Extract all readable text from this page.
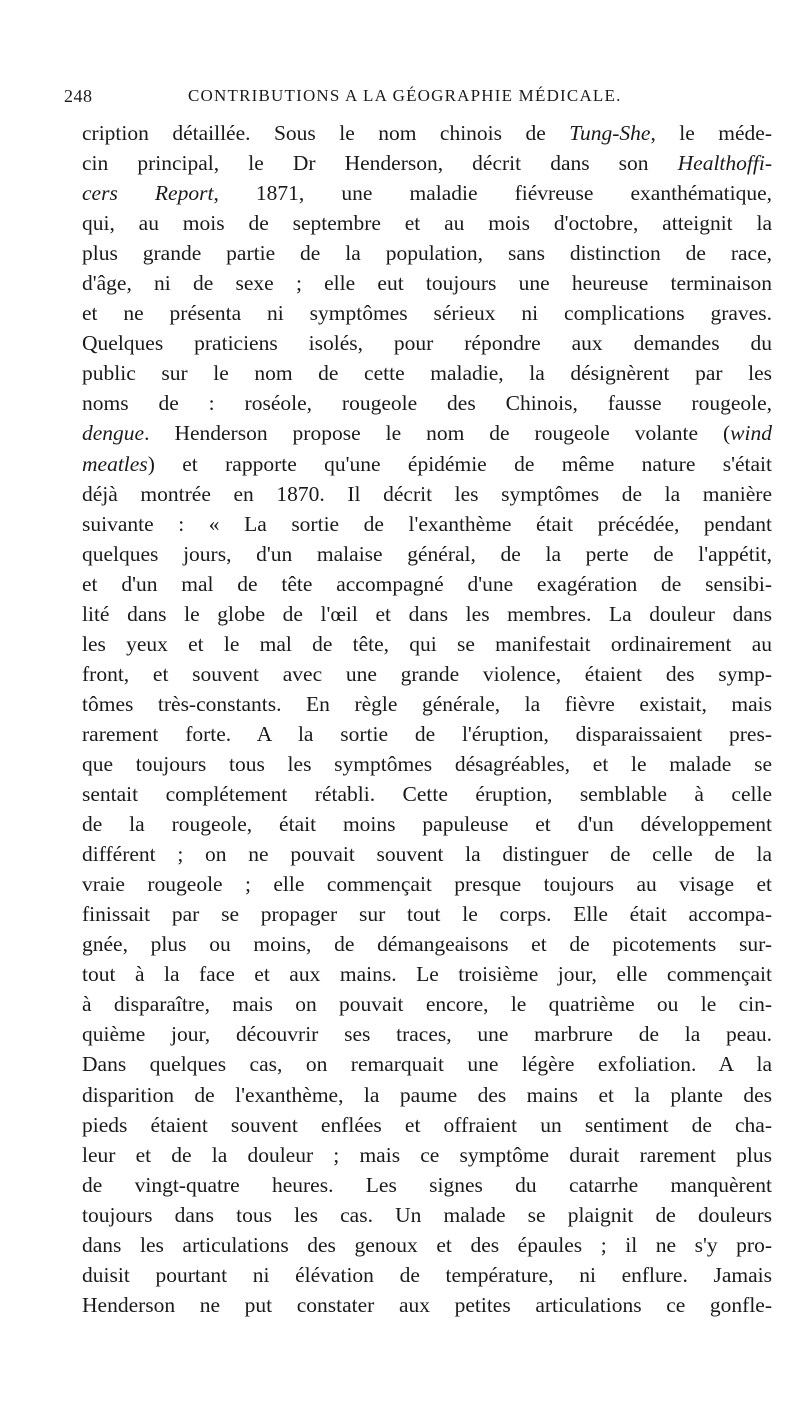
248	CONTRIBUTIONS A LA GÉOGRAPHIE MÉDICALE.
cription détaillée. Sous le nom chinois de Tung-She, le méde-
cin principal, le Dr Henderson, décrit dans son Healthoffi-
cers Report, 1871, une maladie fiévreuse exanthématique,
qui, au mois de septembre et au mois d'octobre, atteignit la
plus grande partie de la population, sans distinction de race,
d'âge, ni de sexe ; elle eut toujours une heureuse terminaison
et ne présenta ni symptômes sérieux ni complications graves.
Quelques praticiens isolés, pour répondre aux demandes du
public sur le nom de cette maladie, la désignèrent par les
noms de : roséole, rougeole des Chinois, fausse rougeole,
dengue. Henderson propose le nom de rougeole volante (wind
meatles) et rapporte qu'une épidémie de même nature s'était
déjà montrée en 1870. Il décrit les symptômes de la manière
suivante : « La sortie de l'exanthème était précédée, pendant
quelques jours, d'un malaise général, de la perte de l'appétit,
et d'un mal de tête accompagné d'une exagération de sensibi-
lité dans le globe de l'œil et dans les membres. La douleur dans
les yeux et le mal de tête, qui se manifestait ordinairement au
front, et souvent avec une grande violence, étaient des symp-
tômes très-constants. En règle générale, la fièvre existait, mais
rarement forte. A la sortie de l'éruption, disparaissaient pres-
que toujours tous les symptômes désagréables, et le malade se
sentait complétement rétabli. Cette éruption, semblable à celle
de la rougeole, était moins papuleuse et d'un développement
différent ; on ne pouvait souvent la distinguer de celle de la
vraie rougeole ; elle commençait presque toujours au visage et
finissait par se propager sur tout le corps. Elle était accompa-
gnée, plus ou moins, de démangeaisons et de picotements sur-
tout à la face et aux mains. Le troisième jour, elle commençait
à disparaître, mais on pouvait encore, le quatrième ou le cin-
quième jour, découvrir ses traces, une marbrure de la peau.
Dans quelques cas, on remarquait une légère exfoliation. A la
disparition de l'exanthème, la paume des mains et la plante des
pieds étaient souvent enflées et offraient un sentiment de cha-
leur et de la douleur ; mais ce symptôme durait rarement plus
de vingt-quatre heures. Les signes du catarrhe manquèrent
toujours dans tous les cas. Un malade se plaignit de douleurs
dans les articulations des genoux et des épaules ; il ne s'y pro-
duisit pourtant ni élévation de température, ni enflure. Jamais
Henderson ne put constater aux petites articulations ce gonfle-
